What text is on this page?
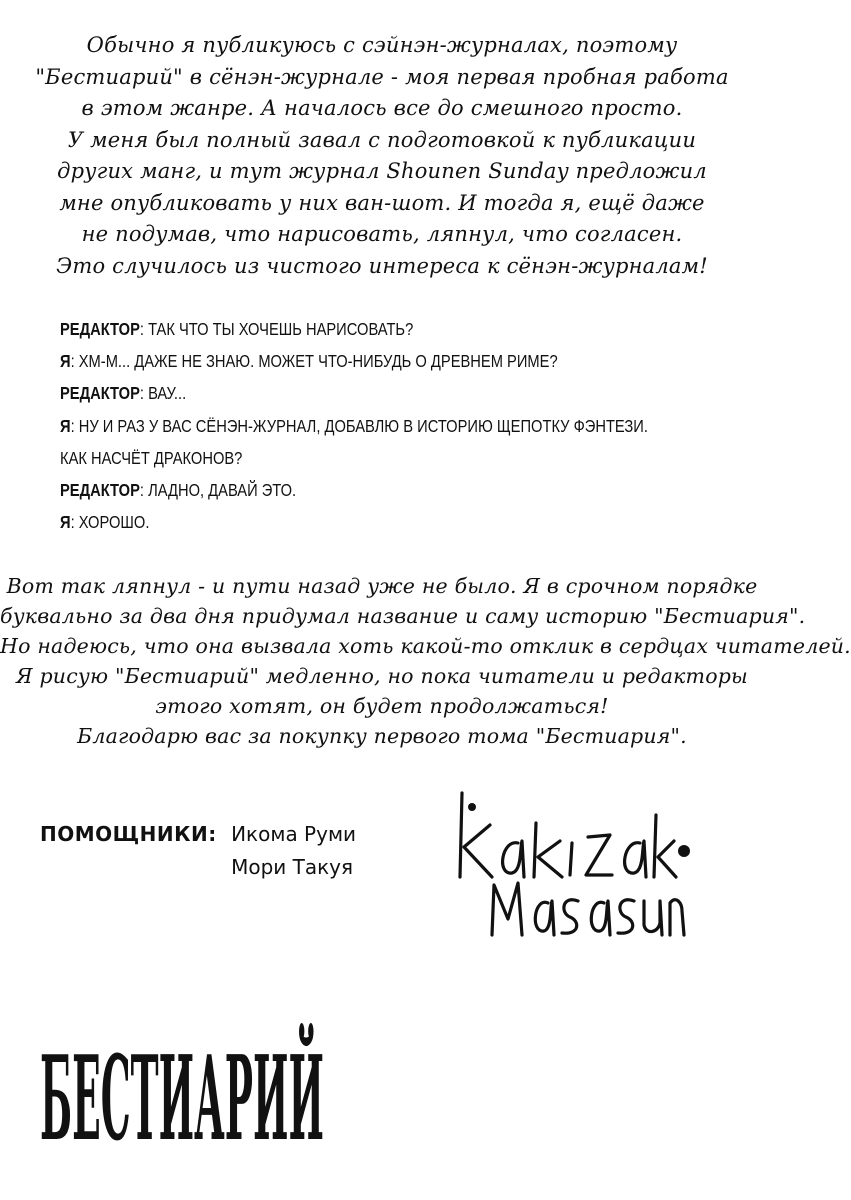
Обычно я публикуюсь с сэйнэн-журналах, поэтому
"Бестиарий" в сёнэн-журнале - моя первая пробная работа
в этом жанре. А началось все до смешного просто.
У меня был полный завал с подготовкой к публикации
других манг, и тут журнал Shounen Sunday предложил
мне опубликовать у них ван-шот. И тогда я, ещё даже
не подумав, что нарисовать, ляпнул, что согласен.
Это случилось из чистого интереса к сёнэн-журналам!
РЕДАКТОР: ТАК ЧТО ТЫ ХОЧЕШЬ НАРИСОВАТЬ?
Я: ХМ-М... ДАЖЕ НЕ ЗНАЮ. МОЖЕТ ЧТО-НИБУДЬ О ДРЕВНЕМ РИМЕ?
РЕДАКТОР: ВАУ...
Я: НУ И РАЗ У ВАС СЁНЭН-ЖУРНАЛ, ДОБАВЛЮ В ИСТОРИЮ ЩЕПОТКУ ФЭНТЕЗИ.
КАК НАСЧЁТ ДРАКОНОВ?
РЕДАКТОР: ЛАДНО, ДАВАЙ ЭТО.
Я: ХОРОШО.
Вот так ляпнул - и пути назад уже не было. Я в срочном порядке
буквально за два дня придумал название и саму историю "Бестиария".
Но надеюсь, что она вызвала хоть какой-то отклик в сердцах читателей.
Я рисую "Бестиарий" медленно, но пока читатели и редакторы
этого хотят, он будет продолжаться!
Благодарю вас за покупку первого тома "Бестиария".
ПОМОЩНИКИ: Икома Руми
Мори Такуя
БЕСТИАРИЙ
